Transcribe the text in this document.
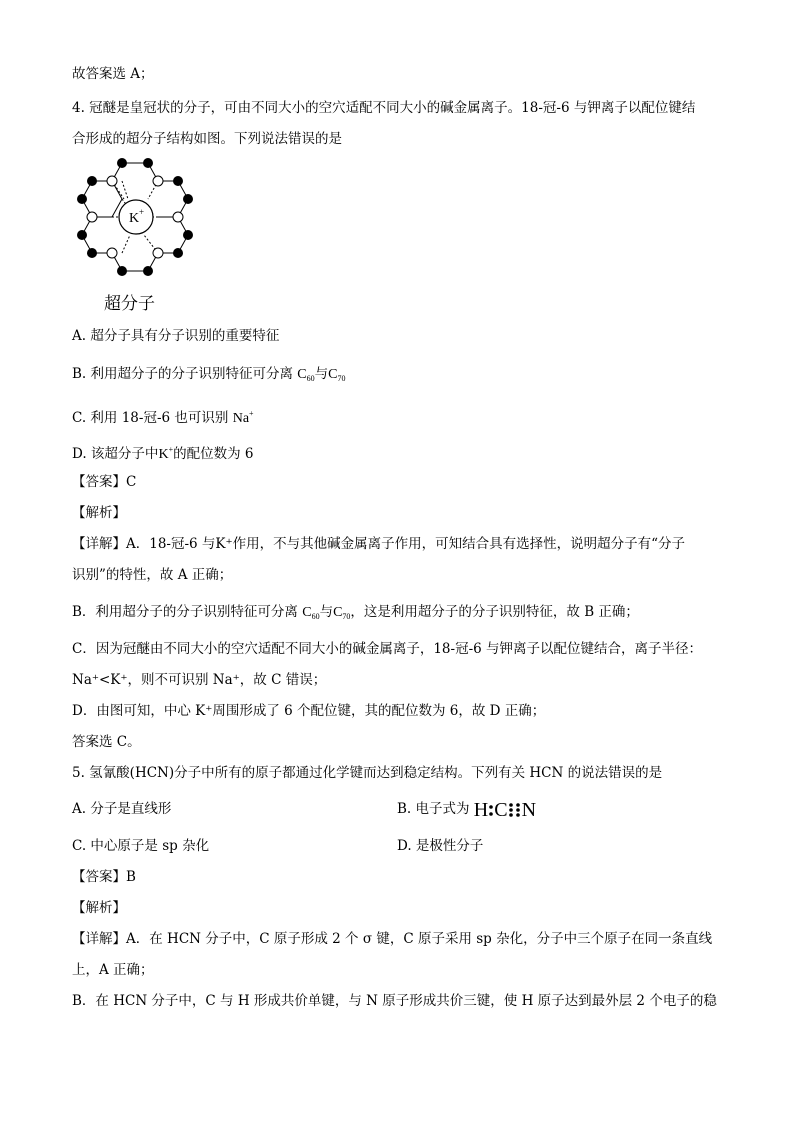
故答案选 A；
4. 冠醚是皇冠状的分子，可由不同大小的空穴适配不同大小的碱金属离子。18-冠-6 与钾离子以配位键结
合形成的超分子结构如图。下列说法错误的是
K +
超分子
A. 超分子具有分子识别的重要特征
B. 利用超分子的分子识别特征可分离 $C_{60}$与$C_{70}$
C. 利用 18-冠-6 也可识别 Na+
D. 该超分子中K+的配位数为 6
【答案】C
【解析】
【详解】A．18-冠-6 与K⁺作用，不与其他碱金属离子作用，可知结合具有选择性，说明超分子有“分子
识别”的特性，故 A 正确；
B．利用超分子的分子识别特征可分离 $C_{60}$与$C_{70}$，这是利用超分子的分子识别特征，故 B 正确；
C．因为冠醚由不同大小的空穴适配不同大小的碱金属离子，18-冠-6 与钾离子以配位键结合，离子半径：
Na⁺<K⁺，则不可识别 Na⁺，故 C 错误；
D．由图可知，中心 K⁺周围形成了 6 个配位键，其的配位数为 6，故 D 正确；
答案选 C。
5. 氢氰酸(HCN)分子中所有的原子都通过化学键而达到稳定结构。下列有关 HCN 的说法错误的是
A. 分子是直线形	B. 电子式为 H C N
C. 中心原子是 sp 杂化	D. 是极性分子
【答案】B
【解析】
【详解】A．在 HCN 分子中，C 原子形成 2 个 σ 键，C 原子采用 sp 杂化，分子中三个原子在同一条直线
上，A 正确；
B．在 HCN 分子中，C 与 H 形成共价单键，与 N 原子形成共价三键，使 H 原子达到最外层 2 个电子的稳
